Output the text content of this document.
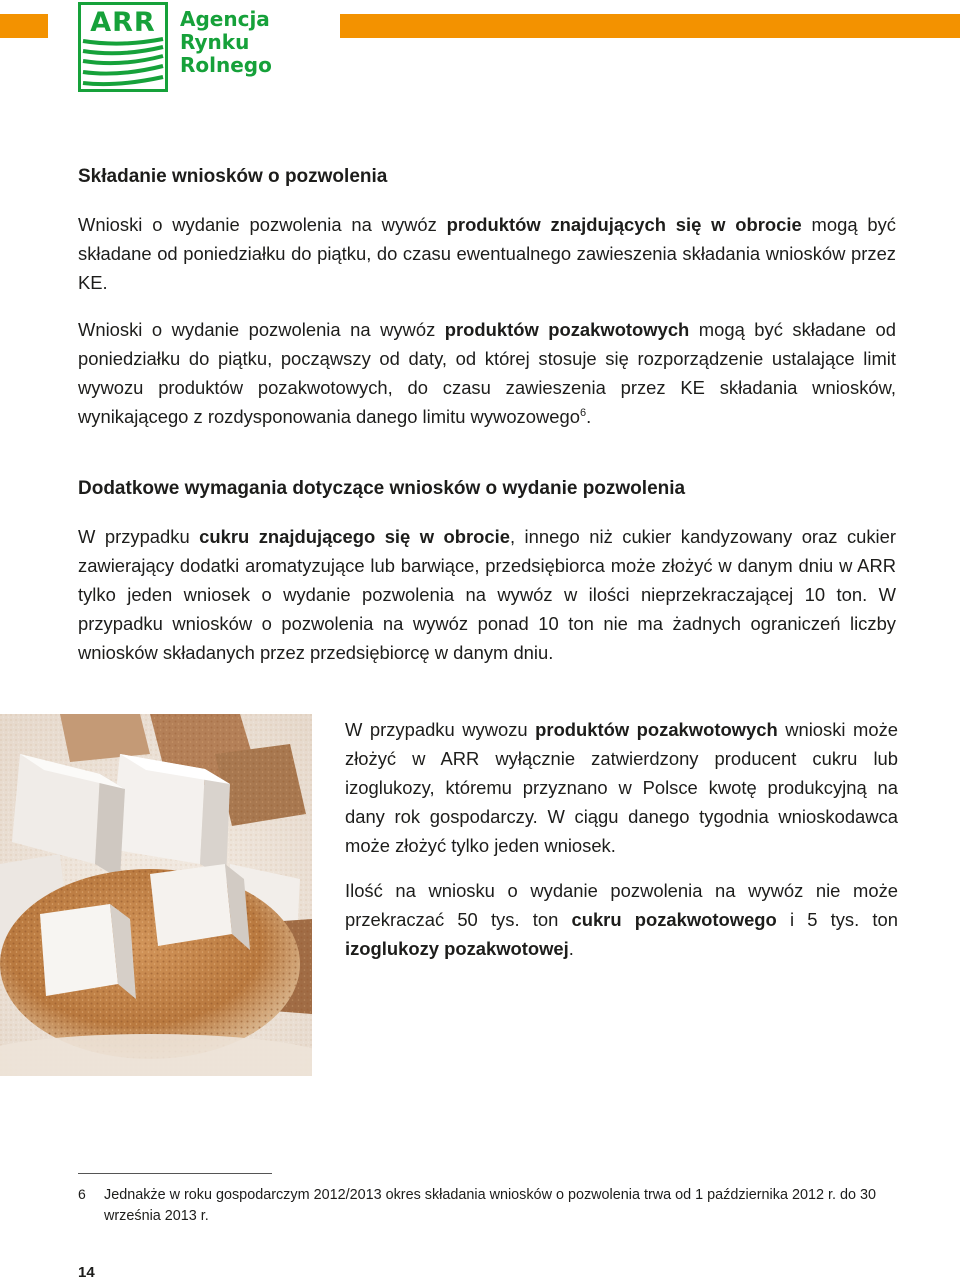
ARR	Agencja
Rynku
Rolnego
Składanie wniosków o pozwolenia

Wnioski o wydanie pozwolenia na wywóz produktów znajdujących się w obrocie mogą być składane od poniedziałku do piątku, do czasu ewentualnego zawieszenia składania wniosków przez KE.

Wnioski o wydanie pozwolenia na wywóz produktów pozakwotowych mogą być składane od poniedziałku do piątku, począwszy od daty, od której stosuje się rozporządzenie ustalające limit wywozu produktów pozakwotowych, do czasu zawieszenia przez KE składania wniosków, wynikającego z rozdysponowania danego limitu wywozowego$^6$.

Dodatkowe wymagania dotyczące wniosków o wydanie pozwolenia

W przypadku cukru znajdującego się w obrocie, innego niż cukier kandyzowany oraz cukier zawierający dodatki aromatyzujące lub barwiące, przedsiębiorca może złożyć w danym dniu w ARR tylko jeden wniosek o wydanie pozwolenia na wywóz w ilości nieprzekraczającej 10 ton. W przypadku wniosków o pozwolenia na wywóz ponad 10 ton nie ma żadnych ograniczeń liczby wniosków składanych przez przedsiębiorcę w danym dniu.

W przypadku wywozu produktów pozakwotowych wnioski może złożyć w ARR wyłącznie zatwierdzony producent cukru lub izoglukozy, któremu przyznano w Polsce kwotę produkcyjną na dany rok gospodarczy. W ciągu danego tygodnia wnioskodawca może złożyć tylko jeden wniosek.

Ilość na wniosku o wydanie pozwolenia na wywóz nie może przekraczać 50 tys. ton cukru pozakwotowego i 5 tys. ton izoglukozy pozakwotowej.

6 Jednakże w roku gospodarczym 2012/2013 okres składania wniosków o pozwolenia trwa od 1 października 2012 r. do 30 września 2013 r.
14
